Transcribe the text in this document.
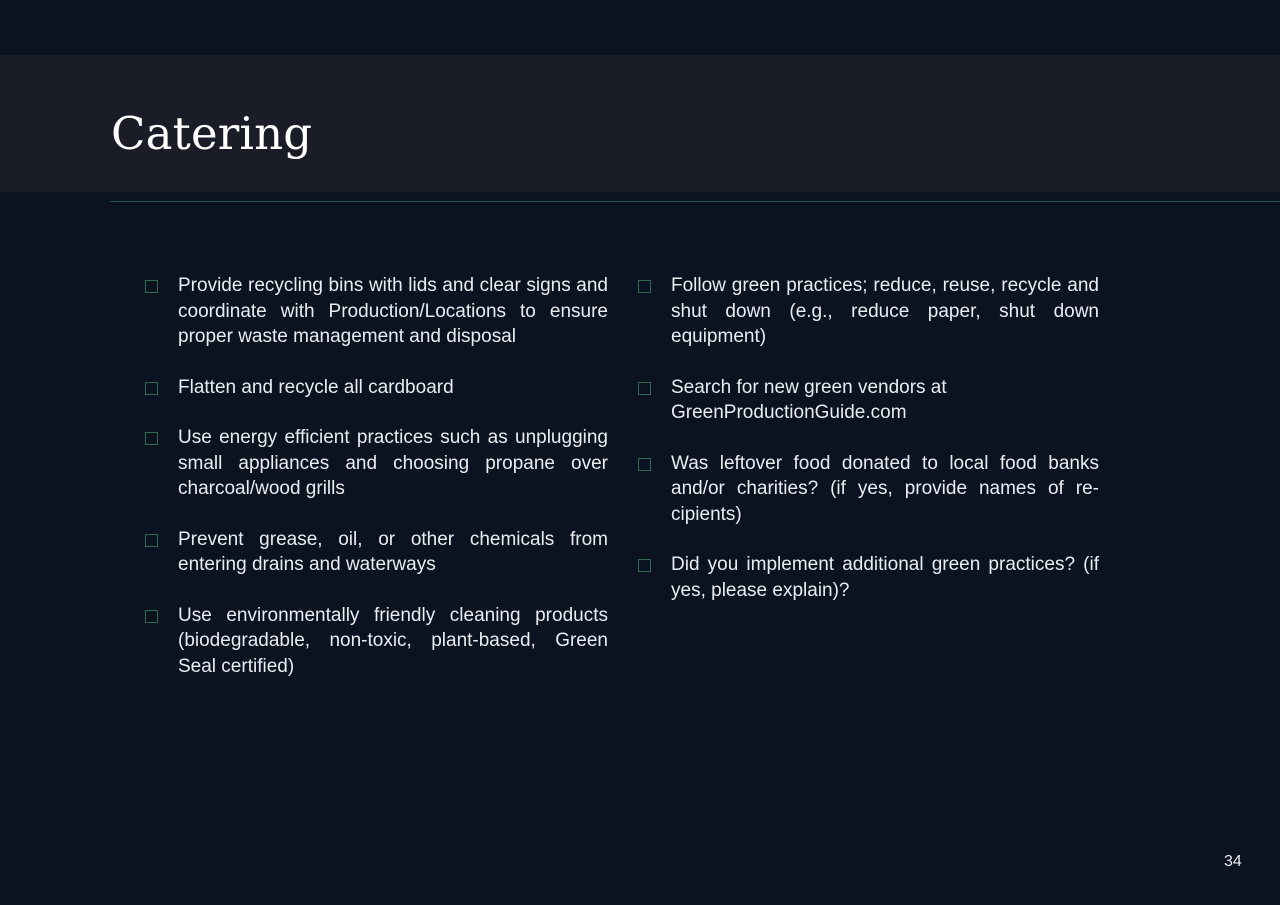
Catering
Provide recycling bins with lids and clear signs and coordinate with Production/Locations to ensure proper waste management and disposal
Flatten and recycle all cardboard
Use energy efficient practices such as unplugging small appliances and choosing propane over charcoal/wood grills
Prevent grease, oil, or other chemicals from entering drains and waterways
Use environmentally friendly cleaning products (biodegradable, non-toxic, plant-based, Green Seal certified)
Follow green practices; reduce, reuse, recycle and shut down (e.g., reduce paper, shut down equipment)
Search for new green vendors at GreenProductionGuide.com
Was leftover food donated to local food banks and/or charities? (if yes, provide names of recipients)
Did you implement additional green practices? (if yes, please explain)?
34
